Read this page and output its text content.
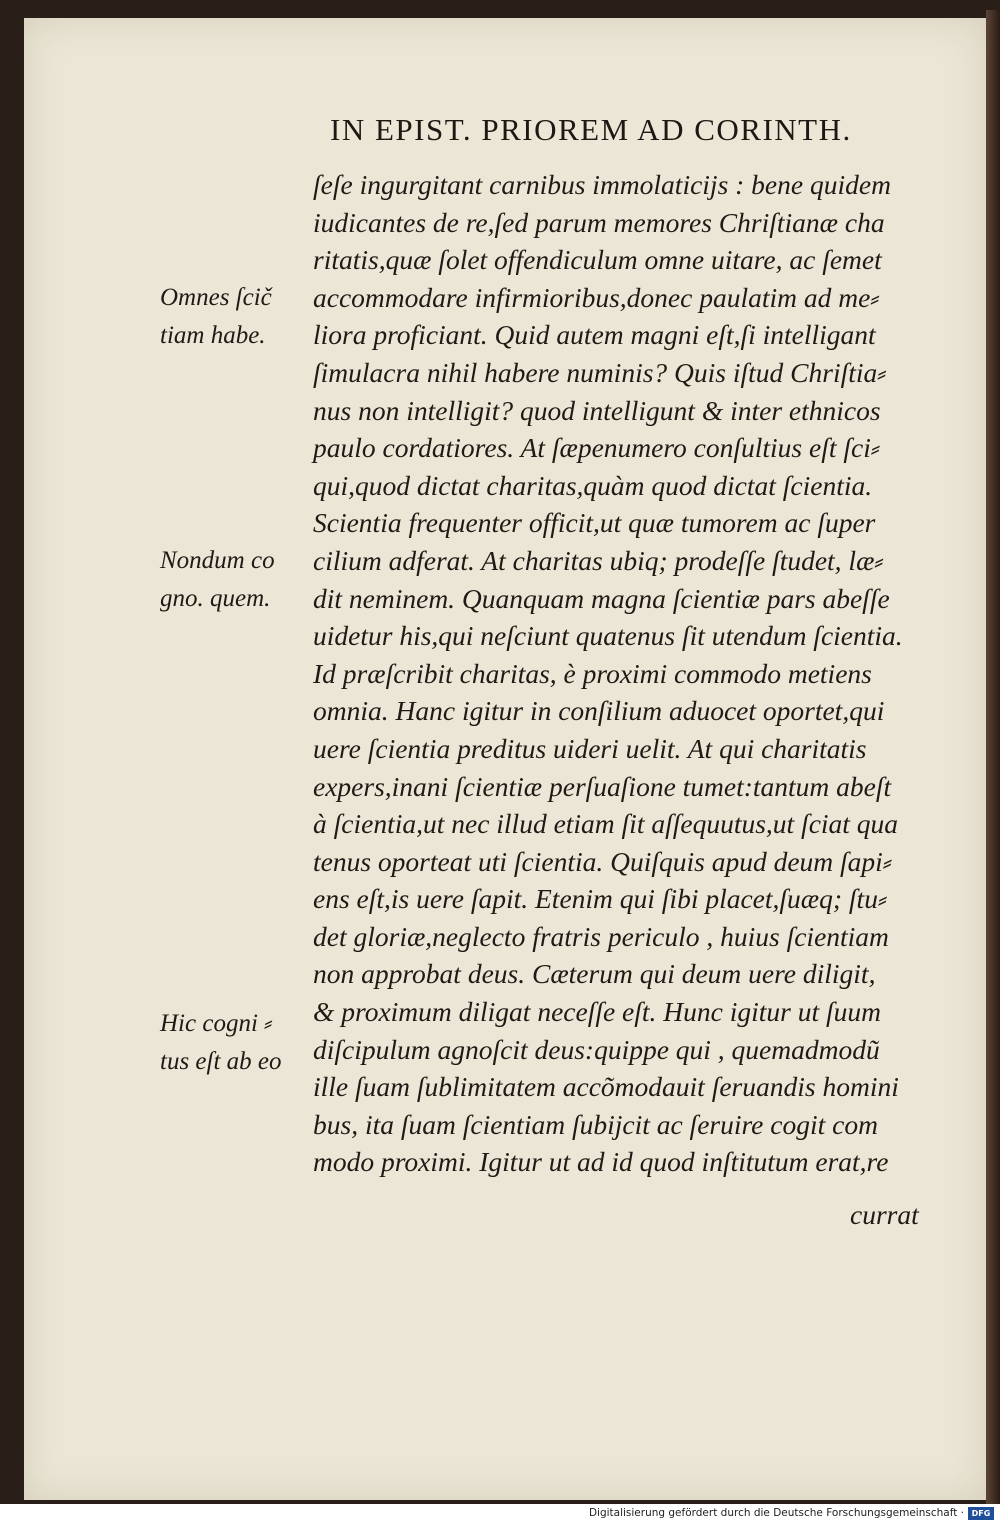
IN EPIST. PRIOREM AD CORINTH.
ſeſe ingurgitant carnibus immolaticijs : bene quidem
iudicantes de re,ſed parum memores Chriſtianæ cha
ritatis,quæ ſolet offendiculum omne uitare, ac ſemet
accommodare infirmioribus,donec paulatim ad me⸗
liora proficiant. Quid autem magni eſt,ſi intelligant
ſimulacra nihil habere numinis? Quis iſtud Chriſtia⸗
nus non intelligit? quod intelligunt & inter ethnicos
paulo cordatiores. At ſæpenumero conſultius eſt ſci⸗
qui,quod dictat charitas,quàm quod dictat ſcientia.
Scientia frequenter officit,ut quæ tumorem ac ſuper
cilium adferat. At charitas ubiq; prodeſſe ſtudet, læ⸗
dit neminem. Quanquam magna ſcientiæ pars abeſſe
uidetur his,qui neſciunt quatenus ſit utendum ſcientia.
Id præſcribit charitas, è proximi commodo metiens
omnia. Hanc igitur in conſilium aduocet oportet,qui
uere ſcientia preditus uideri uelit. At qui charitatis
expers,inani ſcientiæ perſuaſione tumet:tantum abeſt
à ſcientia,ut nec illud etiam ſit aſſequutus,ut ſciat qua
tenus oporteat uti ſcientia. Quiſquis apud deum ſapi⸗
ens eſt,is uere ſapit. Etenim qui ſibi placet,ſuæq; ſtu⸗
det gloriæ,neglecto fratris periculo , huius ſcientiam
non approbat deus. Cæterum qui deum uere diligit,
& proximum diligat neceſſe eſt. Hunc igitur ut ſuum
diſcipulum agnoſcit deus:quippe qui , quemadmodũ
ille ſuam ſublimitatem accõmodauit ſeruandis homini
bus, ita ſuam ſcientiam ſubijcit ac ſeruire cogit com
modo proximi. Igitur ut ad id quod inſtitutum erat,re
currat
Omnes ſcič
tiam habe.
Nondum co
gno. quem.
Hic cogni ⸗
tus eſt ab eo
Digitalisierung gefördert durch die Deutsche Forschungsgemeinschaft · DFG
